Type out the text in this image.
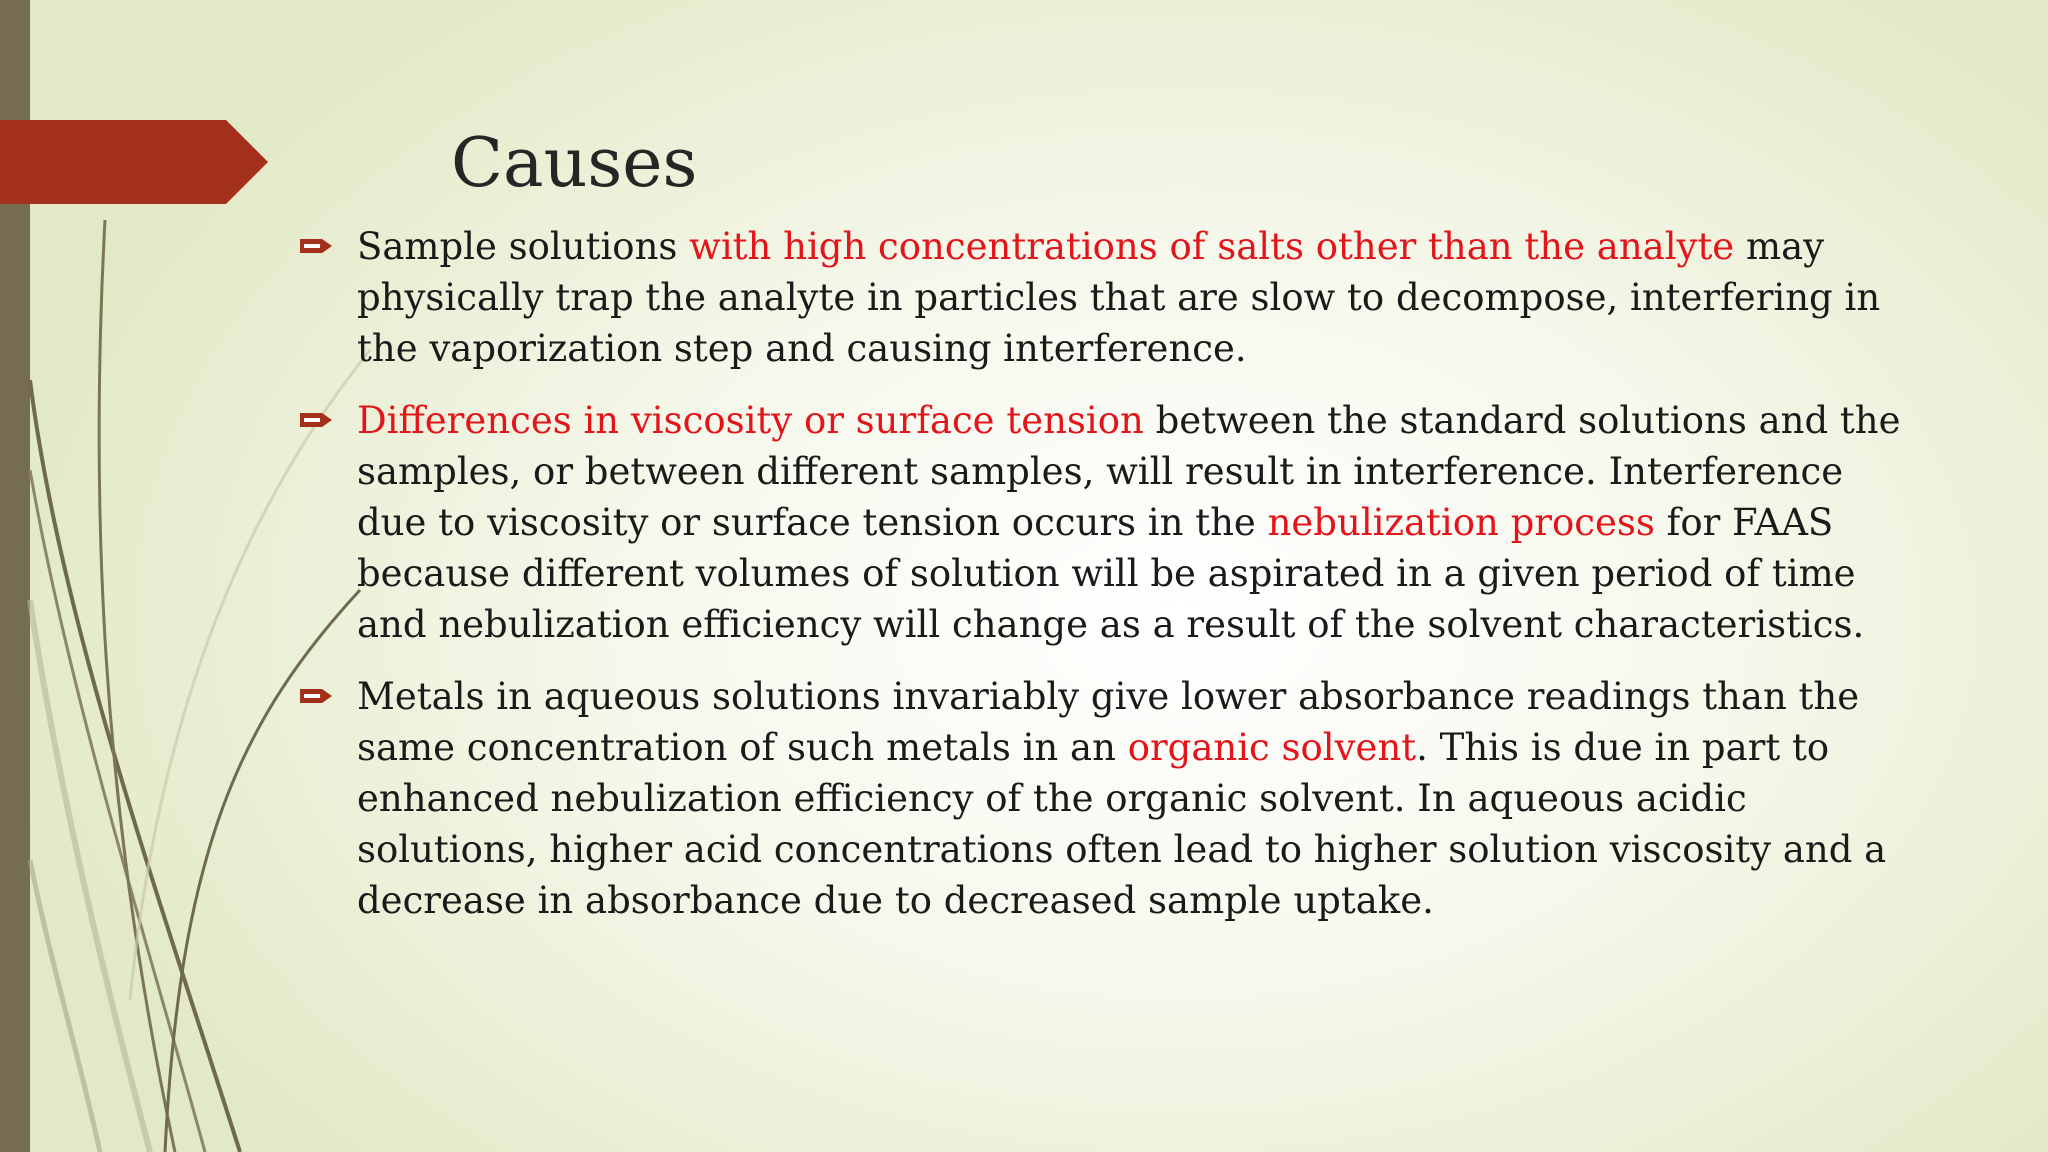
Causes
Sample solutions with high concentrations of salts other than the analyte may physically trap the analyte in particles that are slow to decompose, interfering in the vaporization step and causing interference.
Differences in viscosity or surface tension between the standard solutions and the samples, or between different samples, will result in interference. Interference due to viscosity or surface tension occurs in the nebulization process for FAAS because different volumes of solution will be aspirated in a given period of time and nebulization efficiency will change as a result of the solvent characteristics.
Metals in aqueous solutions invariably give lower absorbance readings than the same concentration of such metals in an organic solvent. This is due in part to enhanced nebulization efficiency of the organic solvent. In aqueous acidic solutions, higher acid concentrations often lead to higher solution viscosity and a decrease in absorbance due to decreased sample uptake.
